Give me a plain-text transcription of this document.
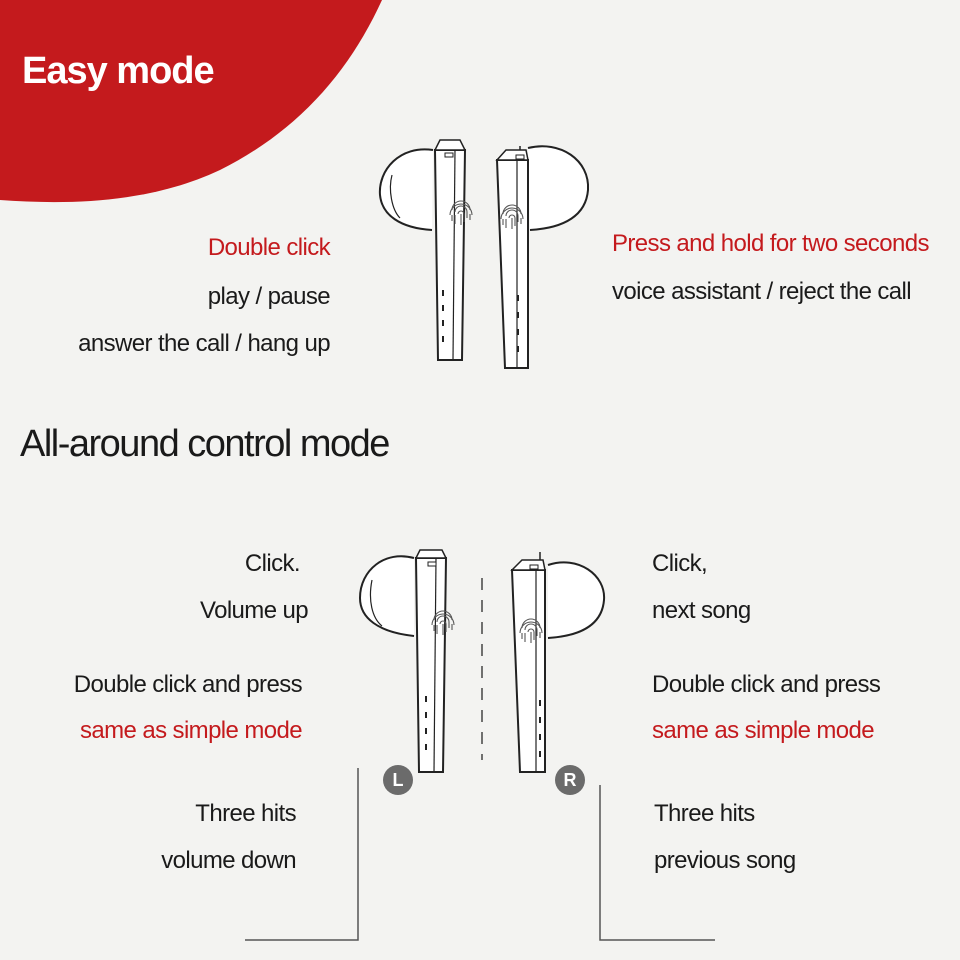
Easy mode
Double click
play / pause
answer the call / hang up
Press and hold for two seconds
voice assistant / reject the call
All-around control mode
Click.
Volume up
Double click and press
same as simple mode
Three hits
volume down
Click,
next song
Double click and press
same as simple mode
Three hits
previous song
L	R
